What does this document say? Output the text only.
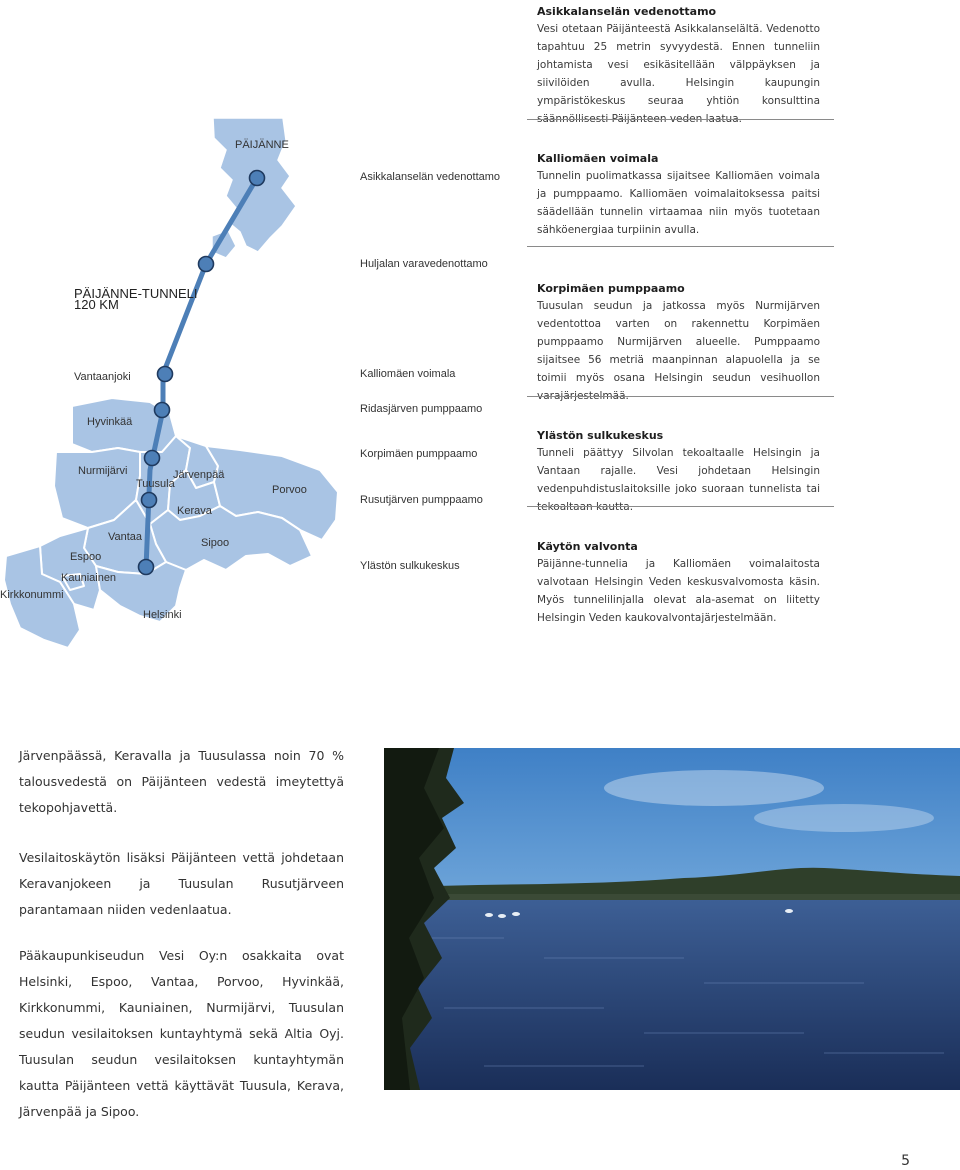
Asikkalanselän vedenottamo

Vesi otetaan Päijänteestä Asikkalanselältä. Vedenotto tapahtuu 25 metrin syvyydestä. Ennen tunneliin johtamista vesi esikäsitellään välppäyksen ja siivilöiden avulla. Helsingin kaupungin ympäristökeskus seuraa yhtiön konsulttina säännöllisesti Päijänteen veden laatua.

Kalliomäen voimala

Tunnelin puolimatkassa sijaitsee Kalliomäen voimala ja pumppaamo. Kalliomäen voimalaitoksessa paitsi säädellään tunnelin virtaamaa niin myös tuotetaan sähköenergiaa turpiinin avulla.

Korpimäen pumppaamo

Tuusulan seudun ja jatkossa myös Nurmijärven vedentottoa varten on rakennettu Korpimäen pumppaamo Nurmijärven alueelle. Pumppaamo sijaitsee 56 metriä maanpinnan alapuolella ja se toimii myös osana Helsingin seudun vesihuollon varajärjestelmää.

Ylästön sulkukeskus

Tunneli päättyy Silvolan tekoaltaalle Helsingin ja Vantaan rajalle. Vesi johdetaan Helsingin vedenpuhdistuslaitoksille joko suoraan tunnelista tai tekoaltaan kautta.

Käytön valvonta

Päijänne-tunnelia ja Kalliomäen voimalaitosta valvotaan Helsingin Veden keskusvalvomosta käsin. Myös tunnelilinjalla olevat ala-asemat on liitetty Helsingin Veden kaukovalvontajärjestelmään.

PÄIJÄNNE
PÄIJÄNNE-TUNNELI
120 KM
Vantaanjoki
Hyvinkää
Nurmijärvi
Tuusula
Järvenpää
Kerava
Porvoo
Vantaa	Sipoo
Espoo
Kauniainen
Kirkkonummi
Helsinki
Asikkalanselän vedenottamo
Huljalan varavedenottamo
Kalliomäen voimala
Ridasjärven pumppaamo
Korpimäen pumppaamo
Rusutjärven pumppaamo
Ylästön sulkukeskus

Järvenpäässä, Keravalla ja Tuusulassa noin 70 % talousvedestä on Päijänteen vedestä imeytettyä tekopohjavettä.

Vesilaitoskäytön lisäksi Päijänteen vettä johdetaan Keravanjokeen ja Tuusulan Rusutjärveen parantamaan niiden vedenlaatua.

Pääkaupunkiseudun Vesi Oy:n osakkaita ovat Helsinki, Espoo, Vantaa, Porvoo, Hyvinkää, Kirkkonummi, Kauniainen, Nurmijärvi, Tuusulan seudun vesilaitoksen kuntayhtymä sekä Altia Oyj. Tuusulan seudun vesilaitoksen kuntayhtymän kautta Päijänteen vettä käyttävät Tuusula, Kerava, Järvenpää ja Sipoo.

5
